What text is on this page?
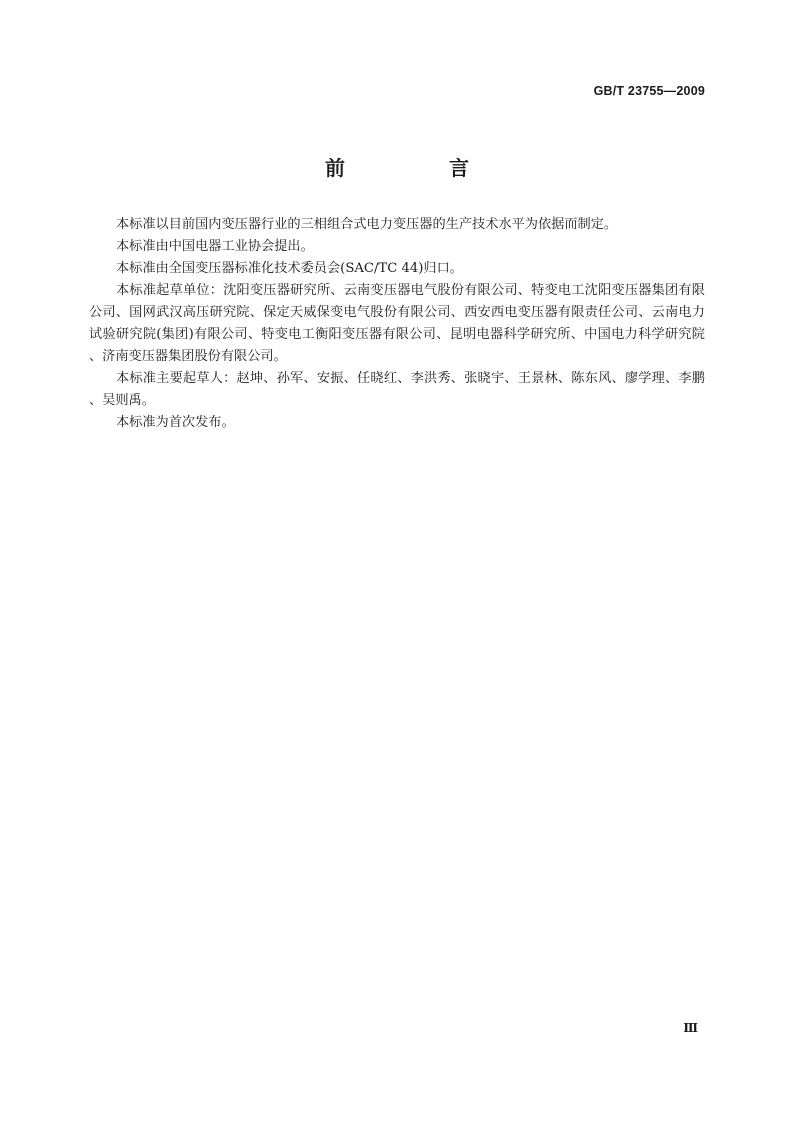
GB/T 23755—2009
前　言

本标准以目前国内变压器行业的三相组合式电力变压器的生产技术水平为依据而制定。

本标准由中国电器工业协会提出。

本标准由全国变压器标准化技术委员会(SAC/TC 44)归口。

本标准起草单位：沈阳变压器研究所、云南变压器电气股份有限公司、特变电工沈阳变压器集团有限公司、国网武汉高压研究院、保定天威保变电气股份有限公司、西安西电变压器有限责任公司、云南电力试验研究院(集团)有限公司、特变电工衡阳变压器有限公司、昆明电器科学研究所、中国电力科学研究院、济南变压器集团股份有限公司。

本标准主要起草人：赵坤、孙军、安振、任晓红、李洪秀、张晓宇、王景林、陈东风、廖学理、李鹏、吴则禹。

本标准为首次发布。

Ⅲ
